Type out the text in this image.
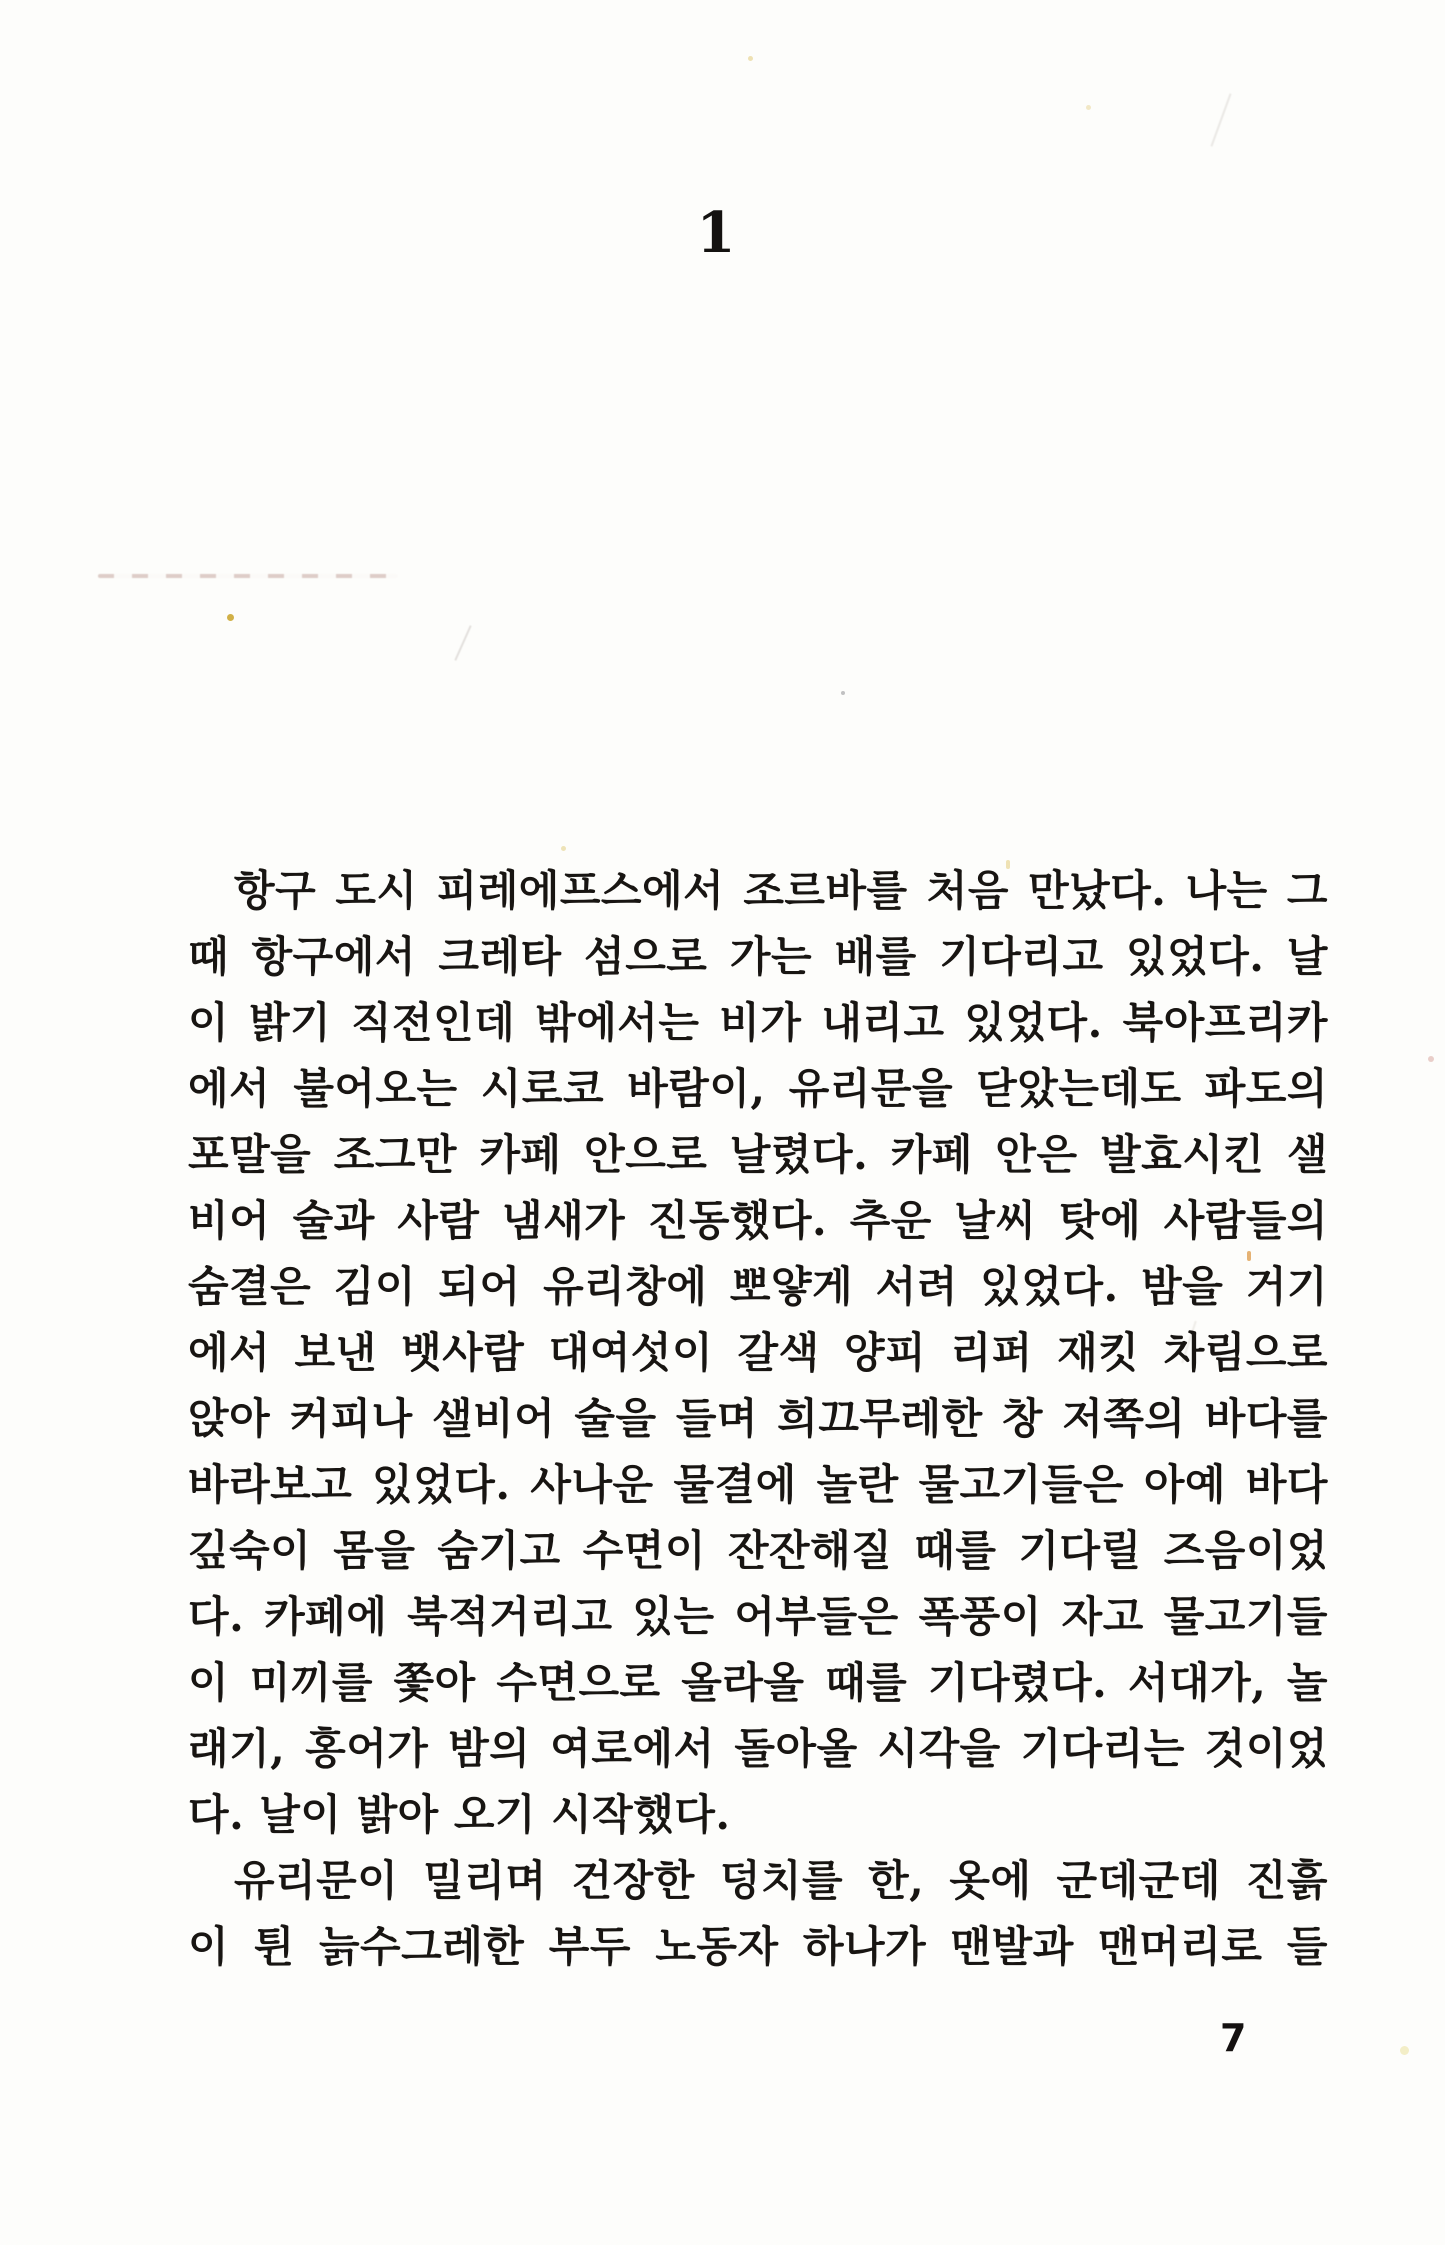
1
항구 도시 피레에프스에서 조르바를 처음 만났다. 나는 그
때 항구에서 크레타 섬으로 가는 배를 기다리고 있었다. 날
이 밝기 직전인데 밖에서는 비가 내리고 있었다. 북아프리카
에서 불어오는 시로코 바람이, 유리문을 닫았는데도 파도의
포말을 조그만 카페 안으로 날렸다. 카페 안은 발효시킨 샐
비어 술과 사람 냄새가 진동했다. 추운 날씨 탓에 사람들의
숨결은 김이 되어 유리창에 뽀얗게 서려 있었다. 밤을 거기
에서 보낸 뱃사람 대여섯이 갈색 양피 리퍼 재킷 차림으로
앉아 커피나 샐비어 술을 들며 희끄무레한 창 저쪽의 바다를
바라보고 있었다. 사나운 물결에 놀란 물고기들은 아예 바다
깊숙이 몸을 숨기고 수면이 잔잔해질 때를 기다릴 즈음이었
다. 카페에 북적거리고 있는 어부들은 폭풍이 자고 물고기들
이 미끼를 쫓아 수면으로 올라올 때를 기다렸다. 서대가, 놀
래기, 홍어가 밤의 여로에서 돌아올 시각을 기다리는 것이었
다. 날이 밝아 오기 시작했다.
유리문이 밀리며 건장한 덩치를 한, 옷에 군데군데 진흙
이 튄 늙수그레한 부두 노동자 하나가 맨발과 맨머리로 들
7
